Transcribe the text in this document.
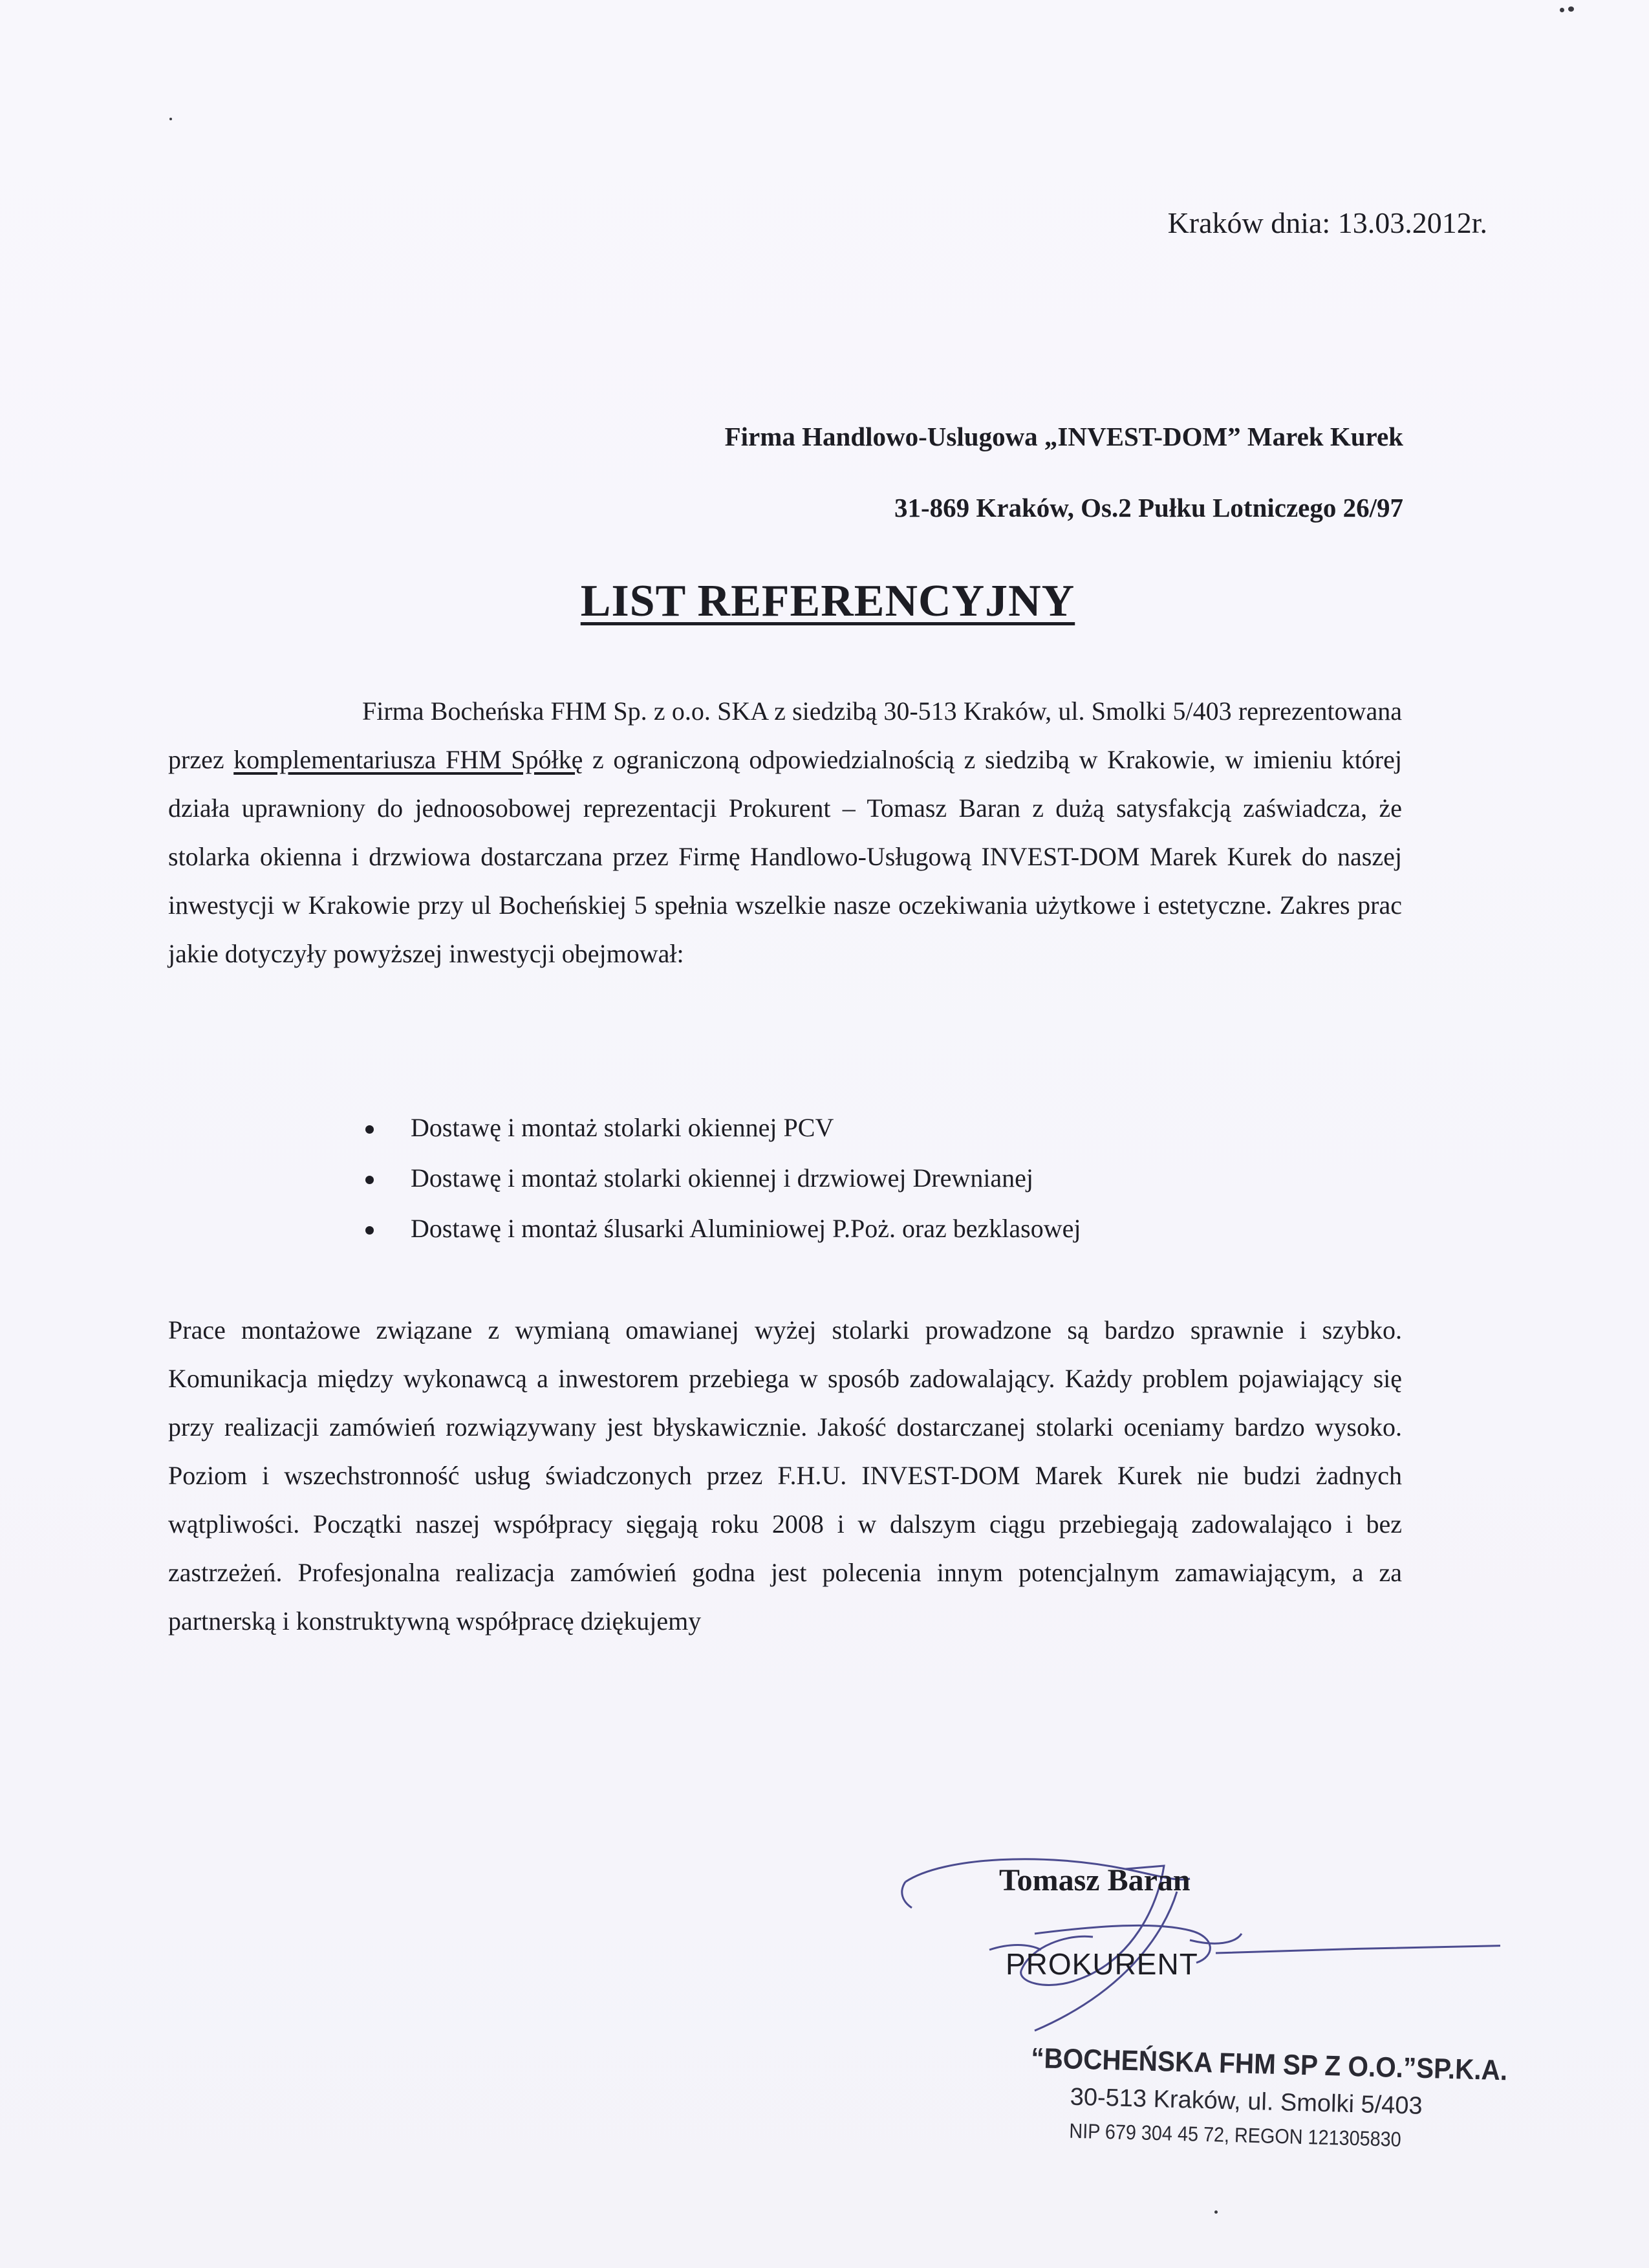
Kraków dnia: 13.03.2012r.
Firma Handlowo-Uslugowa „INVEST-DOM” Marek Kurek
31-869 Kraków, Os.2 Pułku Lotniczego 26/97
LIST REFERENCYJNY
Firma Bocheńska FHM Sp. z o.o. SKA z siedzibą 30-513 Kraków, ul. Smolki 5/403 reprezentowana przez komplementariusza FHM Spółkę z ograniczoną odpowiedzialnością z siedzibą w Krakowie, w imieniu której działa uprawniony do jednoosobowej reprezentacji Prokurent – Tomasz Baran z dużą satysfakcją zaświadcza, że stolarka okienna i drzwiowa dostarczana przez Firmę Handlowo-Usługową INVEST-DOM Marek Kurek do naszej inwestycji w Krakowie przy ul Bocheńskiej 5 spełnia wszelkie nasze oczekiwania użytkowe i estetyczne. Zakres prac jakie dotyczyły powyższej inwestycji obejmował:
Dostawę i montaż stolarki okiennej PCV
Dostawę i montaż stolarki okiennej i drzwiowej Drewnianej
Dostawę i montaż ślusarki Aluminiowej P.Poż. oraz bezklasowej
Prace montażowe związane z wymianą omawianej wyżej stolarki prowadzone są bardzo sprawnie i szybko. Komunikacja między wykonawcą a inwestorem przebiega w sposób zadowalający. Każdy problem pojawiający się przy realizacji zamówień rozwiązywany jest błyskawicznie. Jakość dostarczanej stolarki oceniamy bardzo wysoko. Poziom i wszechstronność usług świadczonych przez F.H.U. INVEST-DOM Marek Kurek nie budzi żadnych wątpliwości. Początki naszej współpracy sięgają roku 2008 i w dalszym ciągu przebiegają zadowalająco i bez zastrzeżeń. Profesjonalna realizacja zamówień godna jest polecenia innym potencjalnym zamawiającym, a za partnerską i konstruktywną współpracę dziękujemy
Tomasz Baran
PROKURENT
“BOCHEŃSKA FHM SP Z O.O.”SP.K.A.
30-513 Kraków, ul. Smolki 5/403
NIP 679 304 45 72, REGON 121305830
